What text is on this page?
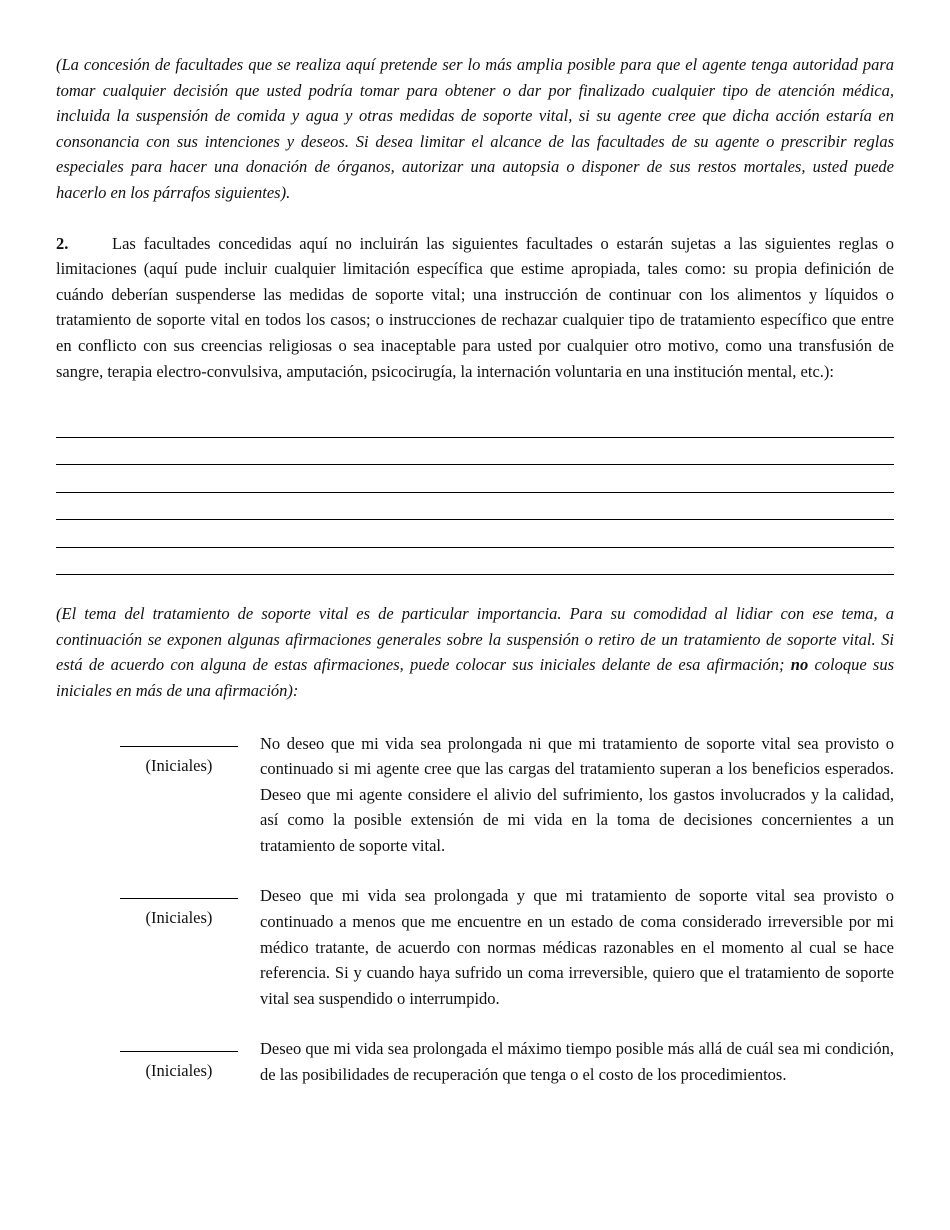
(La concesión de facultades que se realiza aquí pretende ser lo más amplia posible para que el agente tenga autoridad para tomar cualquier decisión que usted podría tomar para obtener o dar por finalizado cualquier tipo de atención médica, incluida la suspensión de comida y agua y otras medidas de soporte vital, si su agente cree que dicha acción estaría en consonancia con sus intenciones y deseos. Si desea limitar el alcance de las facultades de su agente o prescribir reglas especiales para hacer una donación de órganos, autorizar una autopsia o disponer de sus restos mortales, usted puede hacerlo en los párrafos siguientes).

2.	Las facultades concedidas aquí no incluirán las siguientes facultades o estarán sujetas a las siguientes reglas o limitaciones (aquí pude incluir cualquier limitación específica que estime apropiada, tales como: su propia definición de cuándo deberían suspenderse las medidas de soporte vital; una instrucción de continuar con los alimentos y líquidos o tratamiento de soporte vital en todos los casos; o instrucciones de rechazar cualquier tipo de tratamiento específico que entre en conflicto con sus creencias religiosas o sea inaceptable para usted por cualquier otro motivo, como una transfusión de sangre, terapia electro-convulsiva, amputación, psicocirugía, la internación voluntaria en una institución mental, etc.):

(El tema del tratamiento de soporte vital es de particular importancia. Para su comodidad al lidiar con ese tema, a continuación se exponen algunas afirmaciones generales sobre la suspensión o retiro de un tratamiento de soporte vital. Si está de acuerdo con alguna de estas afirmaciones, puede colocar sus iniciales delante de esa afirmación; no coloque sus iniciales en más de una afirmación):

(Iniciales)

No deseo que mi vida sea prolongada ni que mi tratamiento de soporte vital sea provisto o continuado si mi agente cree que las cargas del tratamiento superan a los beneficios esperados. Deseo que mi agente considere el alivio del sufrimiento, los gastos involucrados y la calidad, así como la posible extensión de mi vida en la toma de decisiones concernientes a un tratamiento de soporte vital.

(Iniciales)

Deseo que mi vida sea prolongada y que mi tratamiento de soporte vital sea provisto o continuado a menos que me encuentre en un estado de coma considerado irreversible por mi médico tratante, de acuerdo con normas médicas razonables en el momento al cual se hace referencia. Si y cuando haya sufrido un coma irreversible, quiero que el tratamiento de soporte vital sea suspendido o interrumpido.

(Iniciales)

Deseo que mi vida sea prolongada el máximo tiempo posible más allá de cuál sea mi condición, de las posibilidades de recuperación que tenga o el costo de los procedimientos.
